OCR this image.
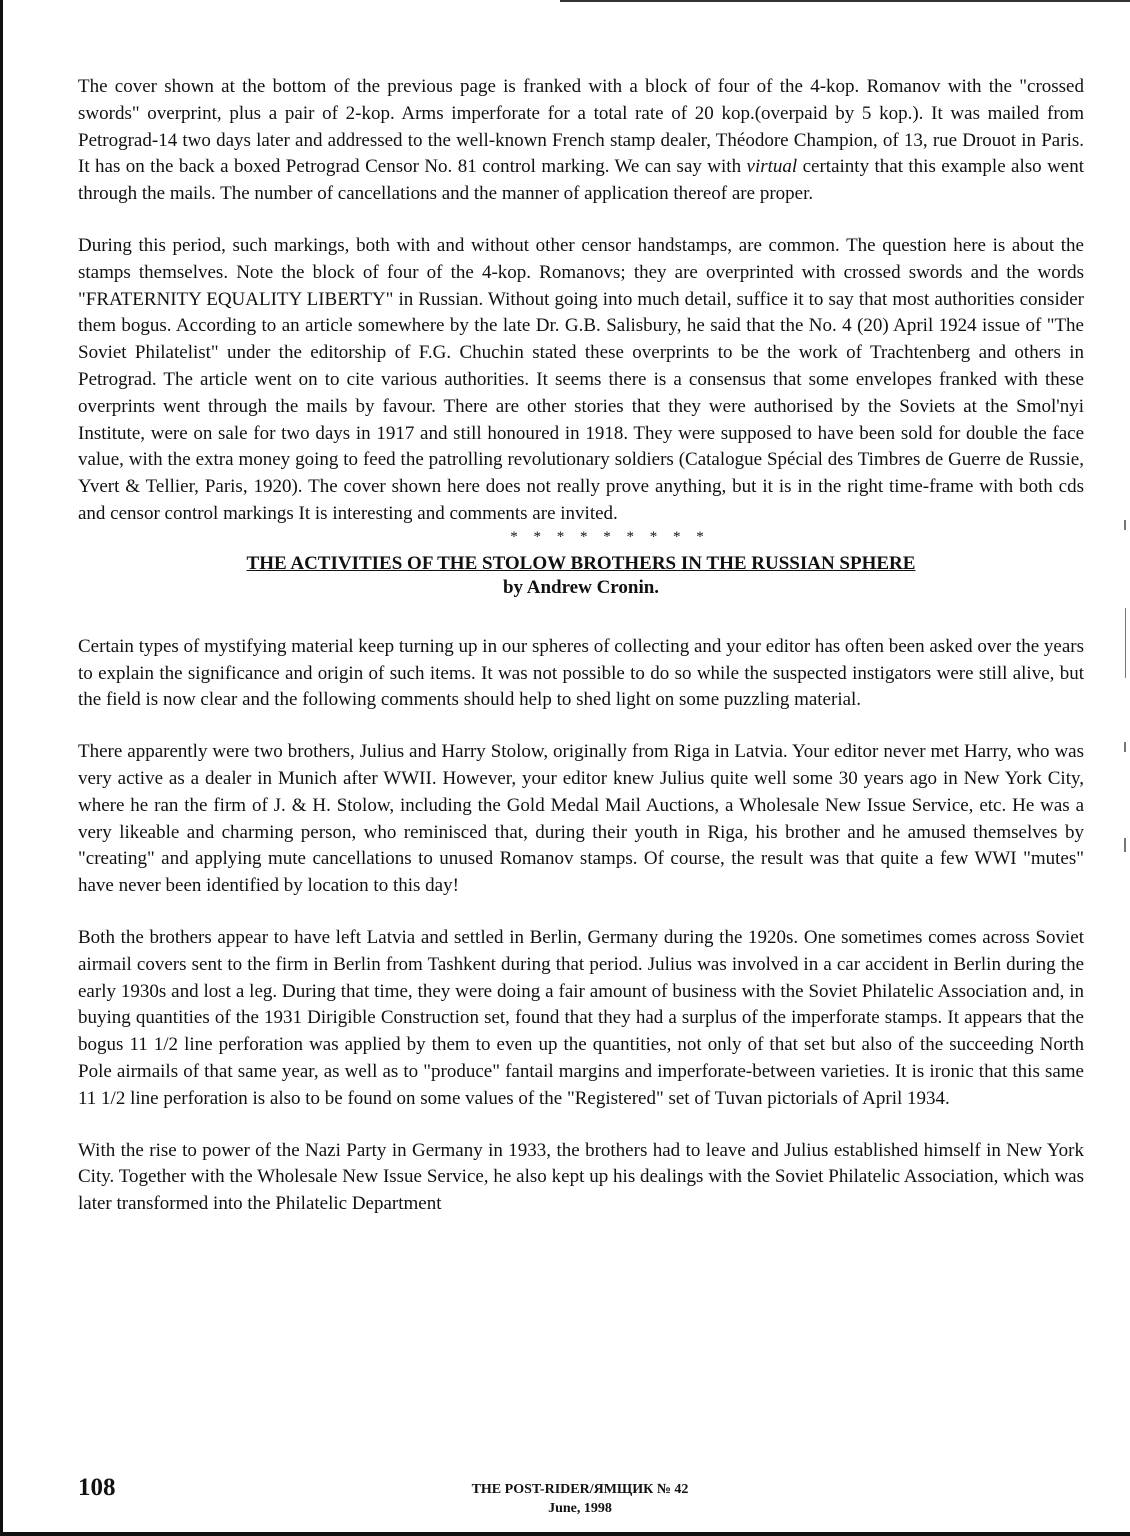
The cover shown at the bottom of the previous page is franked with a block of four of the 4-kop. Romanov with the "crossed swords" overprint, plus a pair of 2-kop. Arms imperforate for a total rate of 20 kop.(overpaid by 5 kop.). It was mailed from Petrograd-14 two days later and addressed to the well-known French stamp dealer, Théodore Champion, of 13, rue Drouot in Paris. It has on the back a boxed Petrograd Censor No. 81 control marking. We can say with virtual certainty that this example also went through the mails. The number of cancellations and the manner of application thereof are proper.

During this period, such markings, both with and without other censor handstamps, are common. The question here is about the stamps themselves. Note the block of four of the 4-kop. Romanovs; they are overprinted with crossed swords and the words "FRATERNITY EQUALITY LIBERTY" in Russian. Without going into much detail, suffice it to say that most authorities consider them bogus. According to an article somewhere by the late Dr. G.B. Salisbury, he said that the No. 4 (20) April 1924 issue of "The Soviet Philatelist" under the editorship of F.G. Chuchin stated these overprints to be the work of Trachtenberg and others in Petrograd. The article went on to cite various authorities. It seems there is a consensus that some envelopes franked with these overprints went through the mails by favour. There are other stories that they were authorised by the Soviets at the Smol'nyi Institute, were on sale for two days in 1917 and still honoured in 1918. They were supposed to have been sold for double the face value, with the extra money going to feed the patrolling revolutionary soldiers (Catalogue Spécial des Timbres de Guerre de Russie, Yvert & Tellier, Paris, 1920). The cover shown here does not really prove anything, but it is in the right time-frame with both cds and censor control markings It is interesting and comments are invited.

* * * * * * * * *
THE ACTIVITIES OF THE STOLOW BROTHERS IN THE RUSSIAN SPHERE
by Andrew Cronin.

Certain types of mystifying material keep turning up in our spheres of collecting and your editor has often been asked over the years to explain the significance and origin of such items. It was not possible to do so while the suspected instigators were still alive, but the field is now clear and the following comments should help to shed light on some puzzling material.

There apparently were two brothers, Julius and Harry Stolow, originally from Riga in Latvia. Your editor never met Harry, who was very active as a dealer in Munich after WWII. However, your editor knew Julius quite well some 30 years ago in New York City, where he ran the firm of J. & H. Stolow, including the Gold Medal Mail Auctions, a Wholesale New Issue Service, etc. He was a very likeable and charming person, who reminisced that, during their youth in Riga, his brother and he amused themselves by "creating" and applying mute cancellations to unused Romanov stamps. Of course, the result was that quite a few WWI "mutes" have never been identified by location to this day!

Both the brothers appear to have left Latvia and settled in Berlin, Germany during the 1920s. One sometimes comes across Soviet airmail covers sent to the firm in Berlin from Tashkent during that period. Julius was involved in a car accident in Berlin during the early 1930s and lost a leg. During that time, they were doing a fair amount of business with the Soviet Philatelic Association and, in buying quantities of the 1931 Dirigible Construction set, found that they had a surplus of the imperforate stamps. It appears that the bogus 11 1/2 line perforation was applied by them to even up the quantities, not only of that set but also of the succeeding North Pole airmails of that same year, as well as to "produce" fantail margins and imperforate-between varieties. It is ironic that this same 11 1/2 line perforation is also to be found on some values of the "Registered" set of Tuvan pictorials of April 1934.

With the rise to power of the Nazi Party in Germany in 1933, the brothers had to leave and Julius established himself in New York City. Together with the Wholesale New Issue Service, he also kept up his dealings with the Soviet Philatelic Association, which was later transformed into the Philatelic Department

108	THE POST-RIDER/ЯМЩИК № 42
June, 1998
